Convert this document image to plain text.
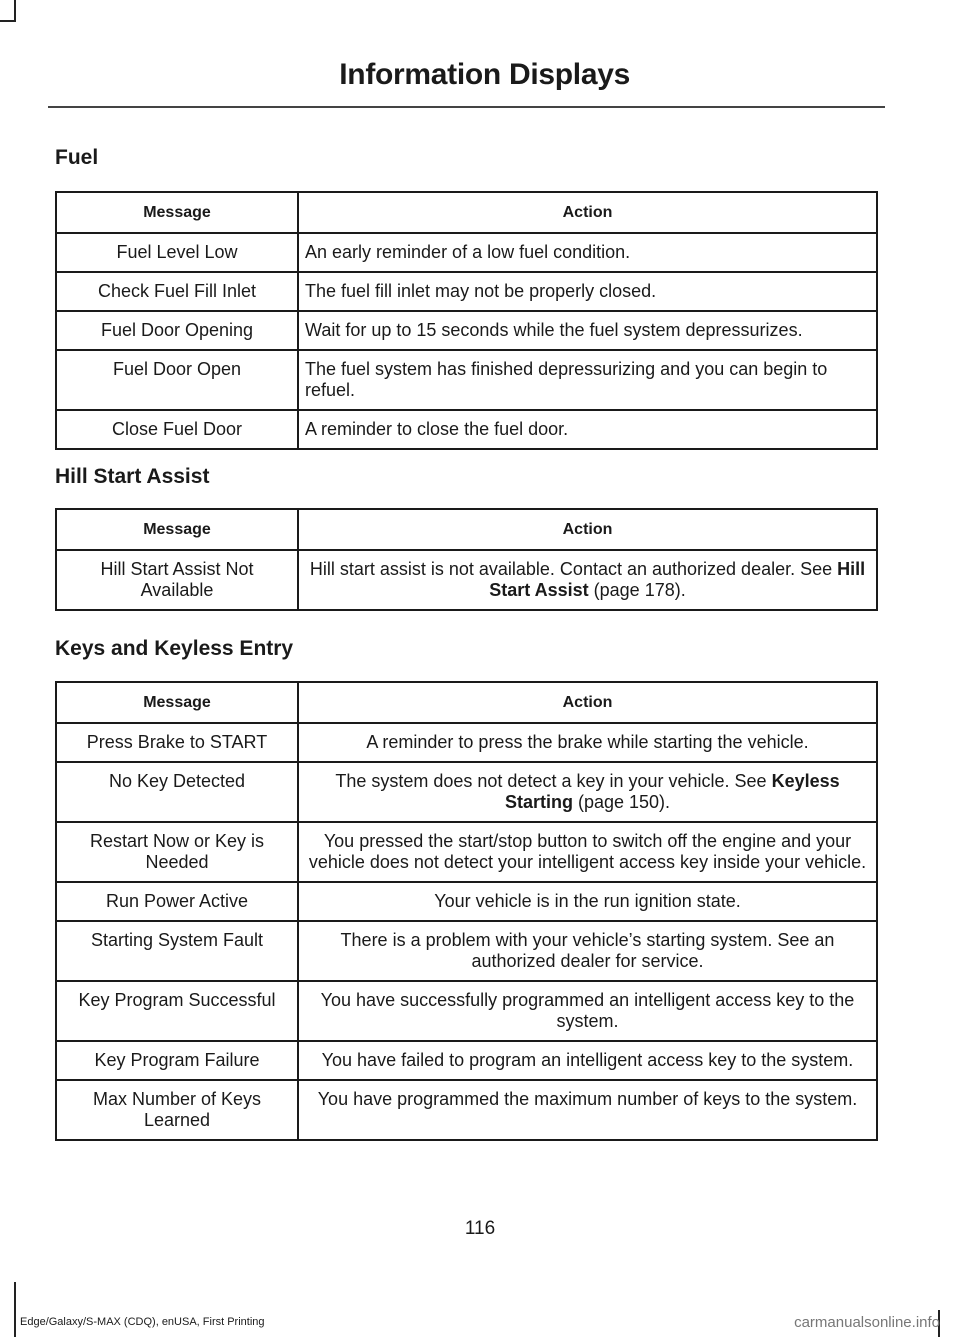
Information Displays
Fuel
Message	Action
Fuel Level Low	An early reminder of a low fuel condition.
Check Fuel Fill Inlet	The fuel fill inlet may not be properly closed.
Fuel Door Opening	Wait for up to 15 seconds while the fuel system depressurizes.
Fuel Door Open	The fuel system has finished depressurizing and you can begin to refuel.
Close Fuel Door	A reminder to close the fuel door.
Hill Start Assist
Message	Action
Hill Start Assist Not Available	Hill start assist is not available. Contact an authorized dealer. See Hill Start Assist (page 178).
Keys and Keyless Entry
Message	Action
Press Brake to START	A reminder to press the brake while starting the vehicle.
No Key Detected	The system does not detect a key in your vehicle. See Keyless Starting (page 150).
Restart Now or Key is Needed	You pressed the start/stop button to switch off the engine and your vehicle does not detect your intelligent access key inside your vehicle.
Run Power Active	Your vehicle is in the run ignition state.
Starting System Fault	There is a problem with your vehicle’s starting system. See an authorized dealer for service.
Key Program Successful	You have successfully programmed an intelligent access key to the system.
Key Program Failure	You have failed to program an intelligent access key to the system.
Max Number of Keys Learned	You have programmed the maximum number of keys to the system.
116
Edge/Galaxy/S-MAX (CDQ), enUSA, First Printing	carmanualsonline.info
